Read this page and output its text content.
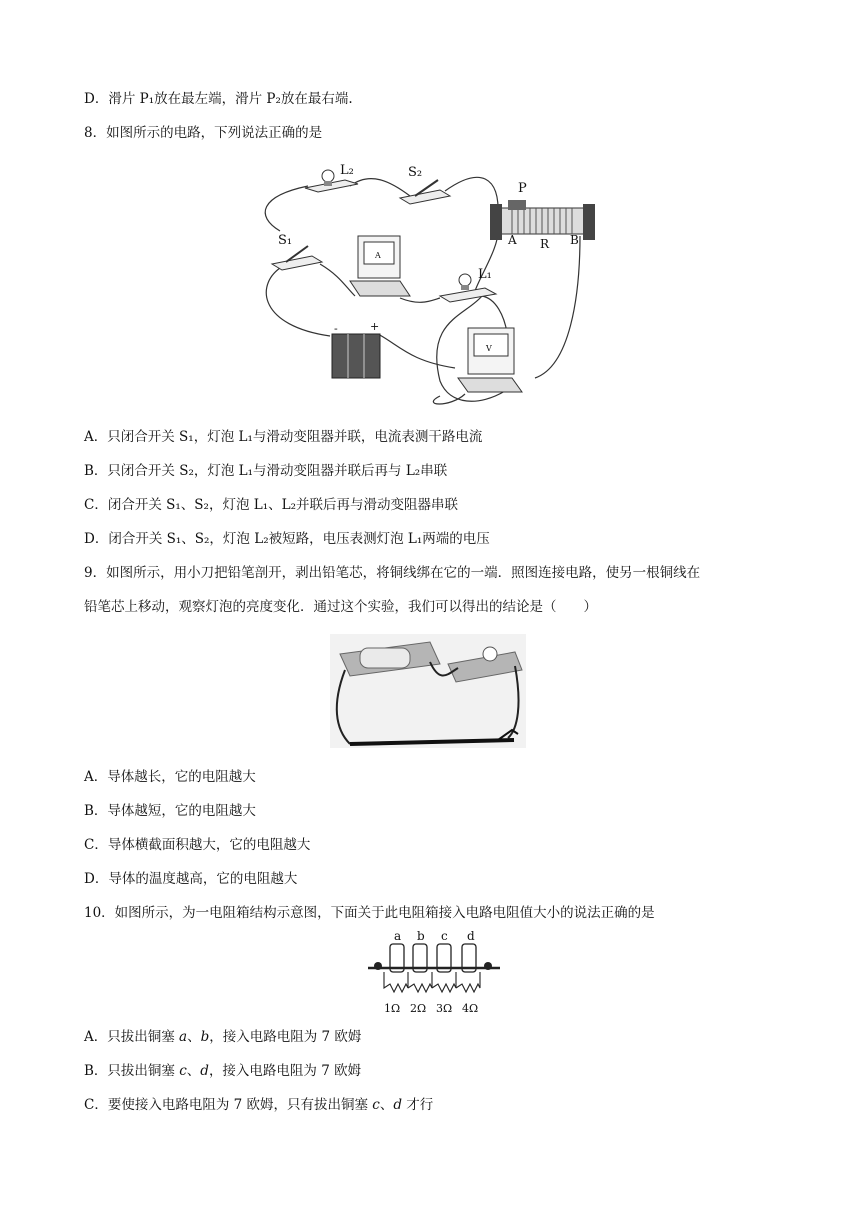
D．滑片 P₁放在最左端，滑片 P₂放在最右端.
8．如图所示的电路，下列说法正确的是
L₂	S₂
P
A R B
S₁
A
L₁
-	+
V
A．只闭合开关 S₁，灯泡 L₁与滑动变阻器并联，电流表测干路电流
B．只闭合开关 S₂，灯泡 L₁与滑动变阻器并联后再与 L₂串联
C．闭合开关 S₁、S₂，灯泡 L₁、L₂并联后再与滑动变阻器串联
D．闭合开关 S₁、S₂，灯泡 L₂被短路，电压表测灯泡 L₁两端的电压
9．如图所示，用小刀把铅笔剖开，剥出铅笔芯，将铜线绑在它的一端．照图连接电路，使另一根铜线在
铅笔芯上移动，观察灯泡的亮度变化．通过这个实验，我们可以得出的结论是（　　）
A．导体越长，它的电阻越大
B．导体越短，它的电阻越大
C．导体横截面积越大，它的电阻越大
D．导体的温度越高，它的电阻越大
10．如图所示，为一电阻箱结构示意图，下面关于此电阻箱接入电路电阻值大小的说法正确的是
a b c d
1Ω 2Ω 3Ω 4Ω
A．只拔出铜塞 a、b，接入电路电阻为 7 欧姆
B．只拔出铜塞 c、d，接入电路电阻为 7 欧姆
C．要使接入电路电阻为 7 欧姆，只有拔出铜塞 c、d 才行
